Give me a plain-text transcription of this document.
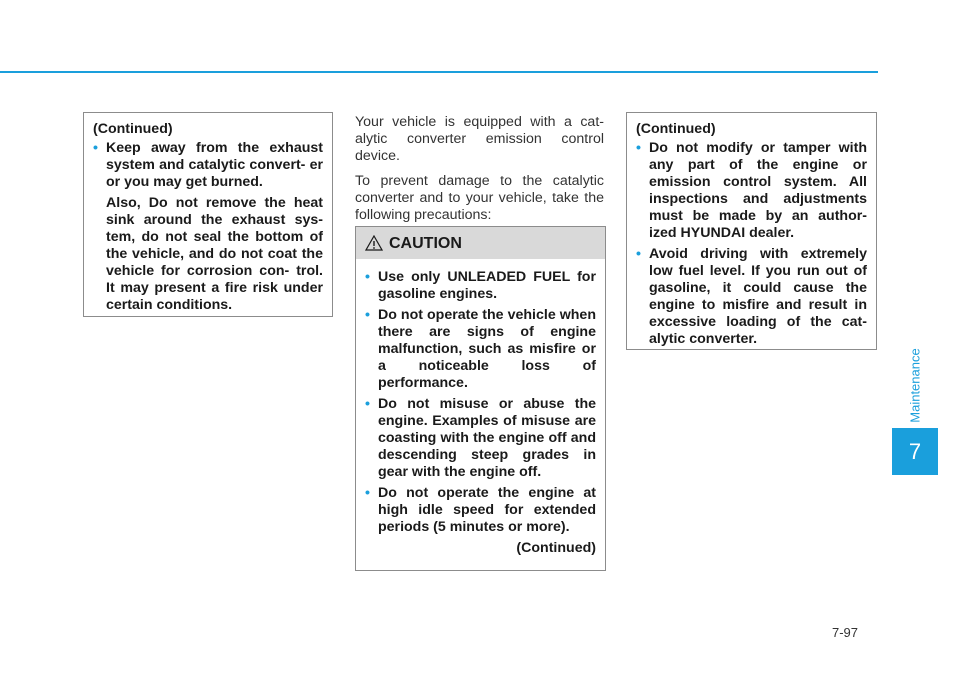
Maintenance
7
(Continued)
• Keep away from the exhaust system and catalytic convert- er or you may get burned.

Also, Do not remove the heat sink around the exhaust sys- tem, do not seal the bottom of the vehicle, and do not coat the vehicle for corrosion con- trol. It may present a fire risk under certain conditions.

Your vehicle is equipped with a cat- alytic converter emission control device.

To prevent damage to the catalytic converter and to your vehicle, take the following precautions:

CAUTION
• Use only UNLEADED FUEL for gasoline engines.
• Do not operate the vehicle when there are signs of engine malfunction, such as misfire or a noticeable loss of performance.
• Do not misuse or abuse the engine. Examples of misuse are coasting with the engine off and descending steep grades in gear with the engine off.
• Do not operate the engine at high idle speed for extended periods (5 minutes or more).
(Continued)
(Continued)
• Do not modify or tamper with any part of the engine or emission control system. All inspections and adjustments must be made by an author- ized HYUNDAI dealer.
• Avoid driving with extremely low fuel level. If you run out of gasoline, it could cause the engine to misfire and result in excessive loading of the cat- alytic converter.
7-97
